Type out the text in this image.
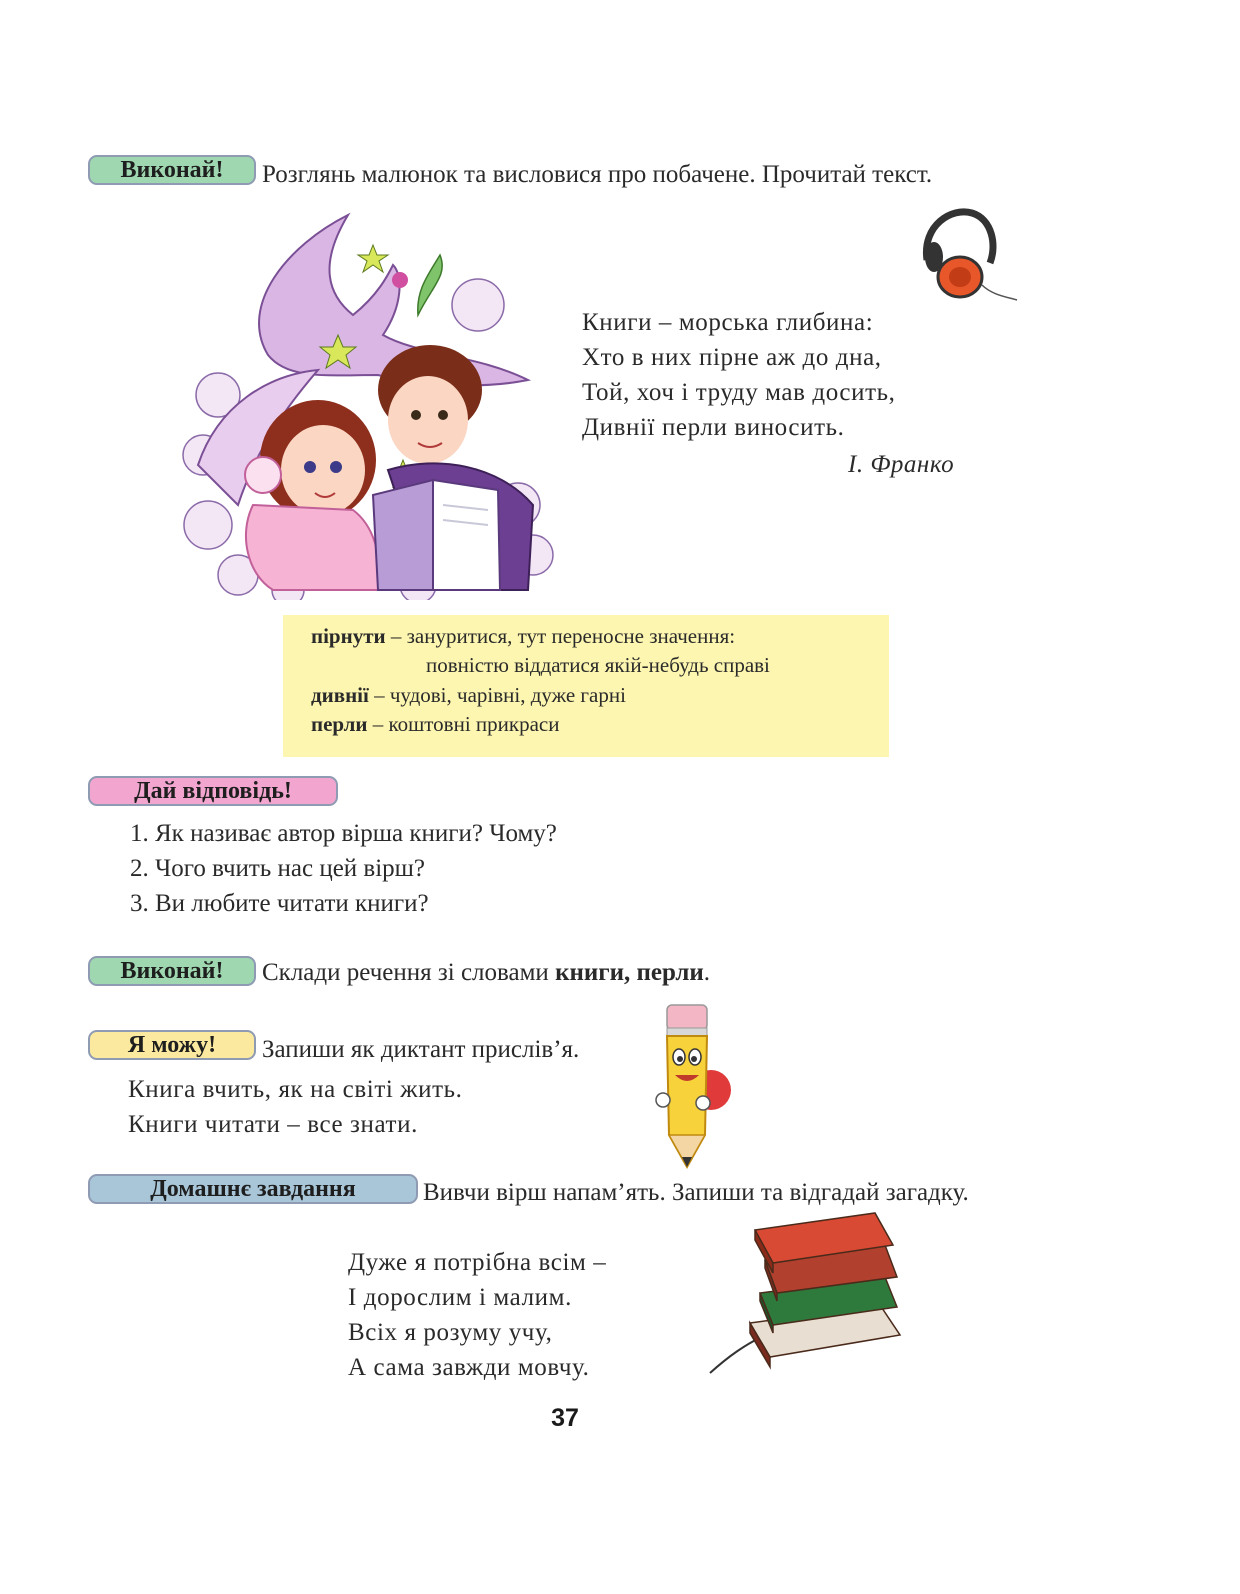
Виконай!	Розглянь малюнок та висловися про побачене. Прочитай текст.
Книги – морська глибина:
Хто в них пірне аж до дна,
Той, хоч і труду мав досить,
Дивнії перли виносить.
І. Франко
пірнути – зануритися, тут переносне значення:
повністю віддатися якій-небудь справі
дивнії – чудові, чарівні, дуже гарні
перли – коштовні прикраси
Дай відповідь!
1. Як називає автор вірша книги? Чому?
2. Чого вчить нас цей вірш?
3. Ви любите читати книги?
Виконай!	Склади речення зі словами книги, перли.
Я можу!	Запиши як диктант прислів’я.
Книга вчить, як на світі жить.
Книги читати – все знати.
Домашнє завдання	Вивчи вірш напам’ять. Запиши та відгадай загадку.
Дуже я потрібна всім –
І дорослим і малим.
Всіх я розуму учу,
А сама завжди мовчу.
37
